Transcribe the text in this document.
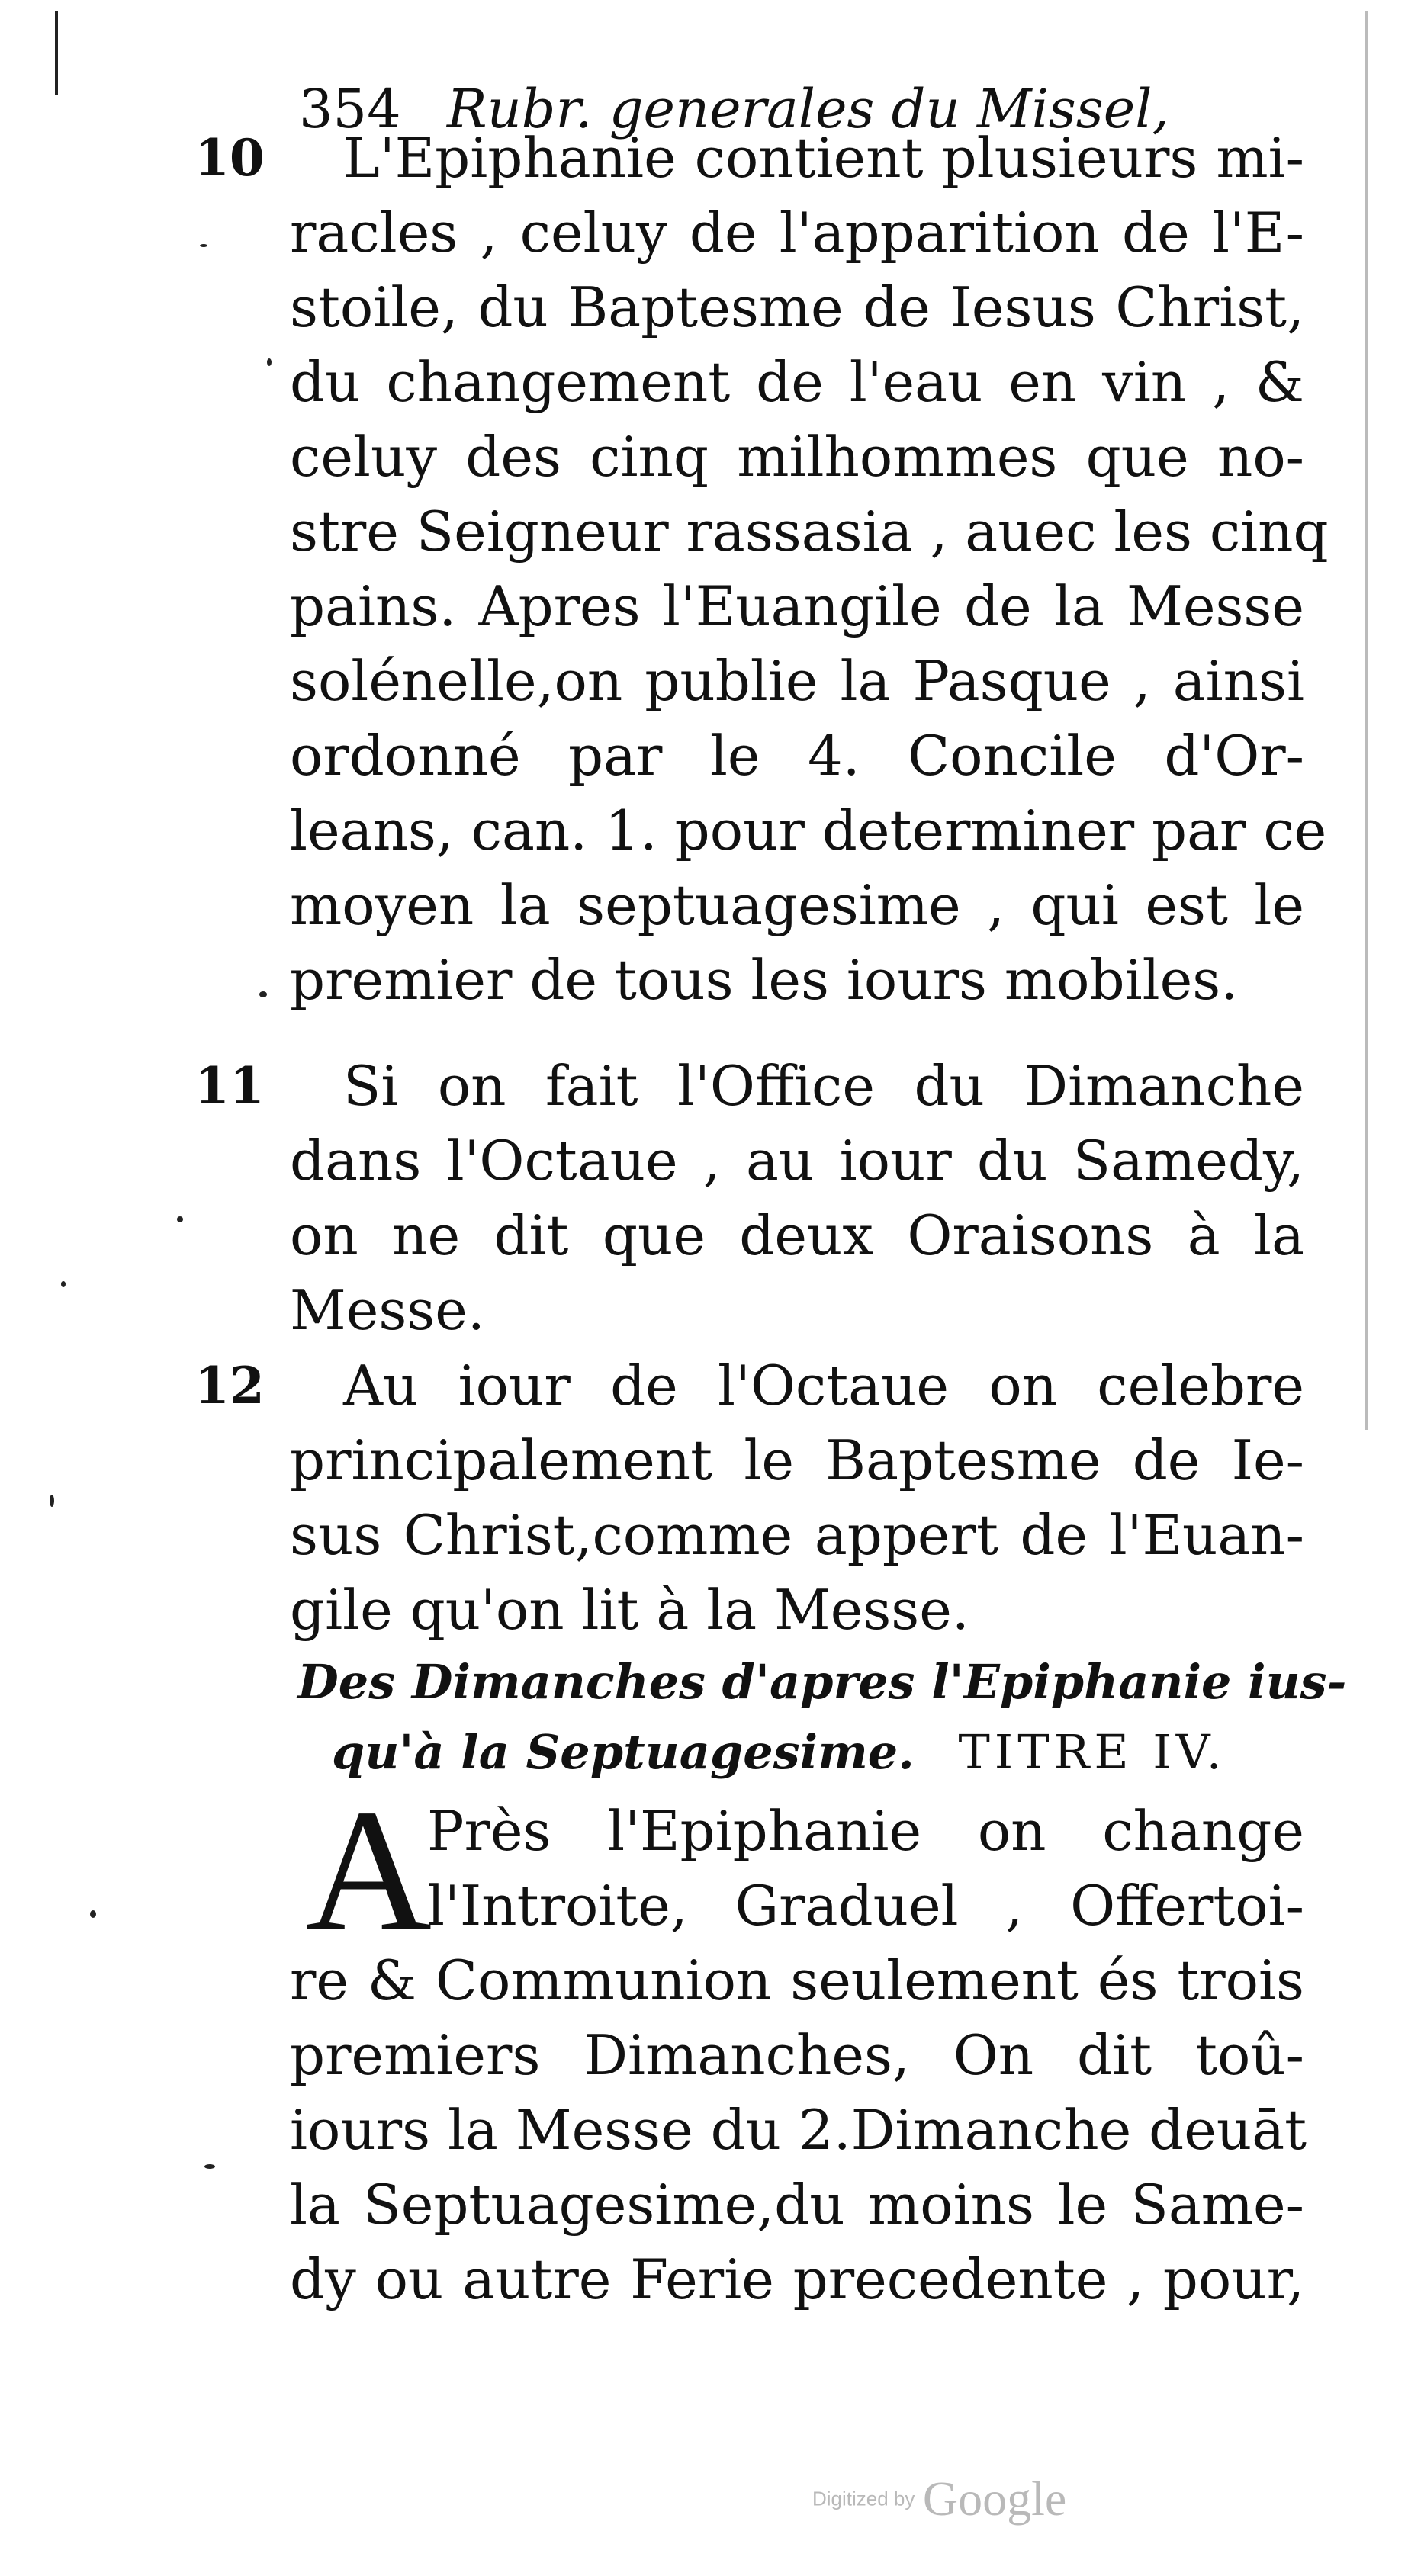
354 Rubr. generales du Missel,
10
11
12
L'Epiphanie contient plusieurs mi-
racles , celuy de l'apparition de l'E-
stoile, du Baptesme de Iesus Christ,
du changement de l'eau en vin , &
celuy des cinq milhommes que no-
stre Seigneur rassasia , auec les cinq
pains. Apres l'Euangile de la Messe
solénelle,on publie la Pasque , ainsi
ordonné par le 4. Concile d'Or-
leans, can. 1. pour determiner par ce
moyen la septuagesime , qui est le
premier de tous les iours mobiles.
Si on fait l'Office du Dimanche
dans l'Octaue , au iour du Samedy,
on ne dit que deux Oraisons à la
Messe.
Au iour de l'Octaue on celebre
principalement le Baptesme de Ie-
sus Christ,comme appert de l'Euan-
gile qu'on lit à la Messe.
Des Dimanches d'apres l'Epiphanie ius-
qu'à la Septuagesime. TITRE IV.
A
Près l'Epiphanie on change
l'Introite, Graduel , Offertoi-
re & Communion seulement és trois
premiers Dimanches, On dit toû-
iours la Messe du 2.Dimanche deuāt
la Septuagesime,du moins le Same-
dy ou autre Ferie precedente , pour,
Digitized by Google
